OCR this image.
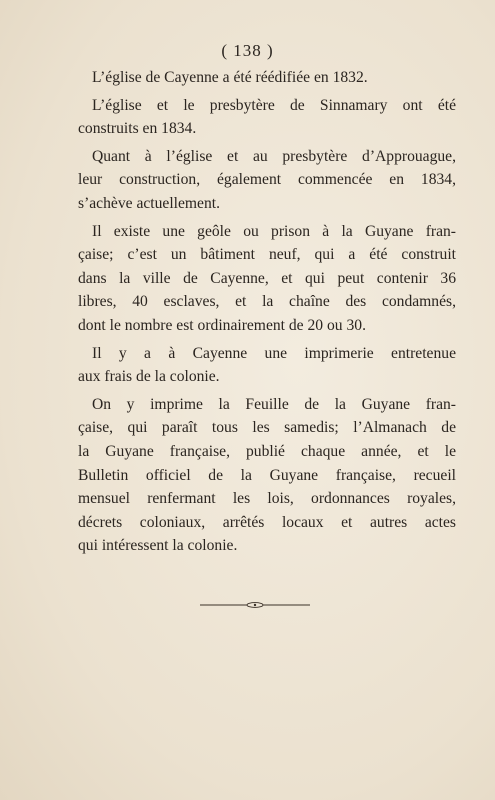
( 138 )
L’église de Cayenne a été réédifiée en 1832.
L’église et le presbytère de Sinnamary ont été
construits en 1834.
Quant à l’église et au presbytère d’Approuague,
leur construction, également commencée en 1834,
s’achève actuellement.
Il existe une geôle ou prison à la Guyane fran-
çaise; c’est un bâtiment neuf, qui a été construit
dans la ville de Cayenne, et qui peut contenir 36
libres, 40 esclaves, et la chaîne des condamnés,
dont le nombre est ordinairement de 20 ou 30.
Il y a à Cayenne une imprimerie entretenue
aux frais de la colonie.
On y imprime la Feuille de la Guyane fran-
çaise, qui paraît tous les samedis; l’Almanach de
la Guyane française, publié chaque année, et le
Bulletin officiel de la Guyane française, recueil
mensuel renfermant les lois, ordonnances royales,
décrets coloniaux, arrêtés locaux et autres actes
qui intéressent la colonie.
